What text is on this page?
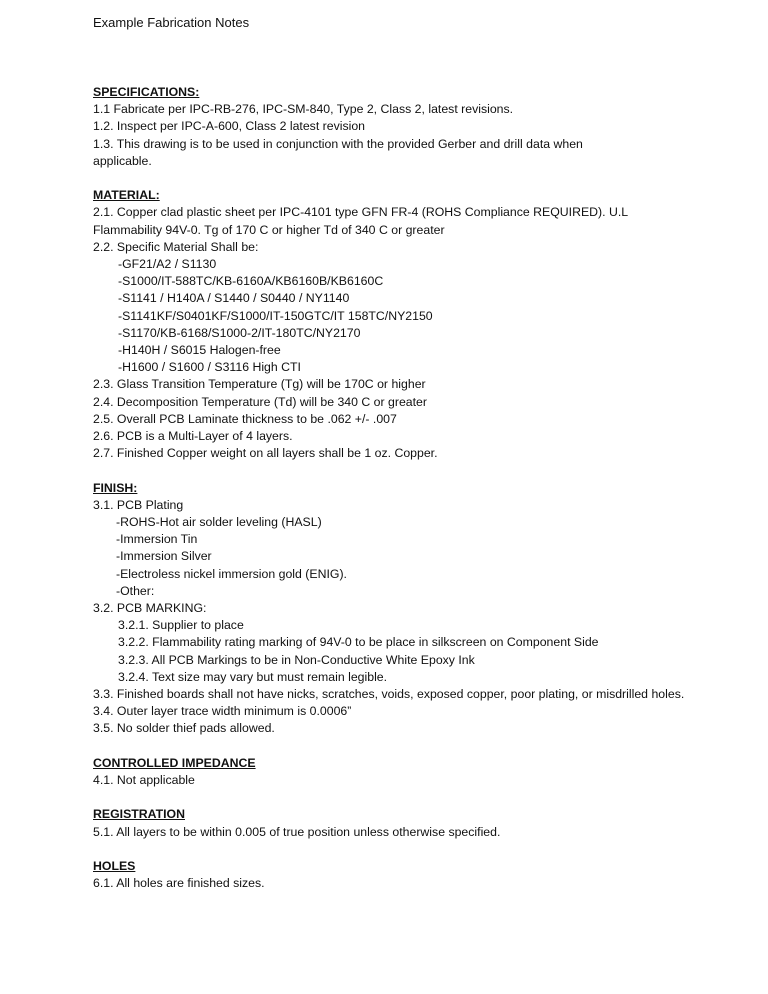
Example Fabrication Notes
SPECIFICATIONS:
1.1 Fabricate per IPC-RB-276, IPC-SM-840, Type 2, Class 2, latest revisions.
1.2. Inspect per IPC-A-600, Class 2 latest revision
1.3. This drawing is to be used in conjunction with the provided Gerber and drill data when applicable.
MATERIAL:
2.1. Copper clad plastic sheet per IPC-4101 type GFN FR-4 (ROHS Compliance REQUIRED). U.L Flammability 94V-0. Tg of 170 C or higher Td of 340 C or greater
2.2. Specific Material Shall be:
-GF21/A2 / S1130
-S1000/IT-588TC/KB-6160A/KB6160B/KB6160C
-S1141 / H140A / S1440 / S0440 / NY1140
-S1141KF/S0401KF/S1000/IT-150GTC/IT 158TC/NY2150
-S1170/KB-6168/S1000-2/IT-180TC/NY2170
-H140H / S6015 Halogen-free
-H1600 / S1600 / S3116 High CTI
2.3. Glass Transition Temperature (Tg) will be 170C or higher
2.4. Decomposition Temperature (Td) will be 340 C or greater
2.5. Overall PCB Laminate thickness to be .062 +/- .007
2.6. PCB is a Multi-Layer of 4 layers.
2.7. Finished Copper weight on all layers shall be 1 oz. Copper.
FINISH:
3.1. PCB Plating
-ROHS-Hot air solder leveling (HASL)
-Immersion Tin
-Immersion Silver
-Electroless nickel immersion gold (ENIG).
-Other:
3.2. PCB MARKING:
3.2.1. Supplier to place
3.2.2. Flammability rating marking of 94V-0 to be place in silkscreen on Component Side
3.2.3. All PCB Markings to be in Non-Conductive White Epoxy Ink
3.2.4. Text size may vary but must remain legible.
3.3. Finished boards shall not have nicks, scratches, voids, exposed copper, poor plating, or misdrilled holes.
3.4. Outer layer trace width minimum is 0.0006”
3.5. No solder thief pads allowed.
CONTROLLED IMPEDANCE
4.1. Not applicable
REGISTRATION
5.1. All layers to be within 0.005 of true position unless otherwise specified.
HOLES
6.1. All holes are finished sizes.
